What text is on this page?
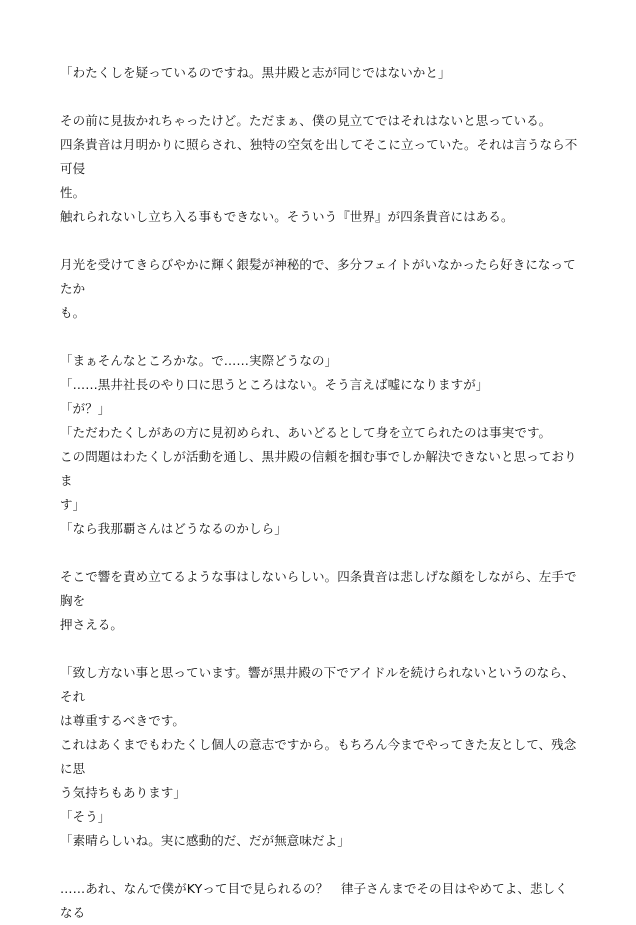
「わたくしを疑っているのですね。黒井殿と志が同じではないかと」
その前に見抜かれちゃったけど。ただまぁ、僕の見立てではそれはないと思っている。
四条貴音は月明かりに照らされ、独特の空気を出してそこに立っていた。それは言うなら不可侵
性。
触れられないし立ち入る事もできない。そういう『世界』が四条貴音にはある。
月光を受けてきらびやかに輝く銀髪が神秘的で、多分フェイトがいなかったら好きになってたか
も。
「まぁそんなところかな。で……実際どうなの」
「……黒井社長のやり口に思うところはない。そう言えば嘘になりますが」
「が？」
「ただわたくしがあの方に見初められ、あいどるとして身を立てられたのは事実です。
この問題はわたくしが活動を通し、黒井殿の信頼を掴む事でしか解決できないと思っておりま
す」
「なら我那覇さんはどうなるのかしら」
そこで響を責め立てるような事はしないらしい。四条貴音は悲しげな顔をしながら、左手で胸を
押さえる。
「致し方ない事と思っています。響が黒井殿の下でアイドルを続けられないというのなら、それ
は尊重するべきです。
これはあくまでもわたくし個人の意志ですから。もちろん今までやってきた友として、残念に思
う気持ちもあります」
「そう」
「素晴らしいね。実に感動的だ、だが無意味だよ」
……あれ、なんで僕がKYって目で見られるの？　律子さんまでその目はやめてよ、悲しくなる
